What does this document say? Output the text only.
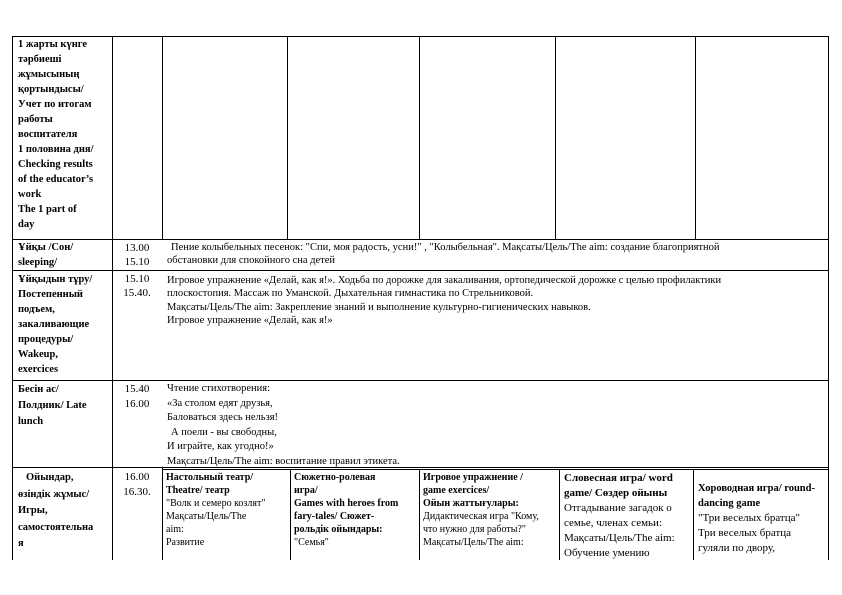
1 жарты күнге
тәрбиеші
жұмысының
қортындысы/
Учет по итогам
работы
воспитателя
1 половина дня/
Checking results
of the educator’s
work
The 1 part of
day
Ұйқы /Сон/
sleeping/
13.00
15.10
Пение колыбельных песенок: "Спи, моя радость, усни!" , "Колыбельная". Мақсаты/Цель/The aim: создание благоприятной
обстановки для спокойного сна детей
Ұйқыдын тұру/
Постепенный
подъем,
закаливающие
процедуры/
Wakeup,
exercices
15.10
15.40.
Игровое упражнение «Делай, как я!». Ходьба по дорожке для закаливания, ортопедической дорожке с целью профилактики
плоскостопия. Массаж по Уманской. Дыхательная гимнастика по Стрельниковой.
Мақсаты/Цель/The aim: Закрепление знаний и выполнение культурно-гигиенических навыков.
Игровое упражнение «Делай, как я!»
Бесін ас/
Полдник/ Late
lunch
15.40
16.00
Чтение стихотворения:
«За столом едят друзья,
Баловаться здесь нельзя!
А поели - вы свободны,
И играйте, как угодно!»
Мақсаты/Цель/The aim: воспитание правил этикета.
Ойындар,
өзіндік жұмыс/
Игры,
самостоятельна
я
16.00
16.30.
Настольный театр/
Theatre/ театр
"Волк и семеро козлят"
Мақсаты/Цель/The
aim:
Развитие
Сюжетно-ролевая
игра/
Games with heroes from
fary-tales/ Сюжет-
рольдік ойындары:
"Семья"
Игровое упражнение /
game exercices/
Ойын жаттығулары:
Дидактическая игра "Кому,
что нужно для работы?"
Мақсаты/Цель/The aim:
Словесная игра/ word
game/ Сөздер ойыны
Отгадывание загадок о
семье, членах семьи:
Мақсаты/Цель/The aim:
Обучение умению
Хороводная игра/ round-
dancing game
"Три веселых братца"
Три веселых братца
гуляли по двору,
